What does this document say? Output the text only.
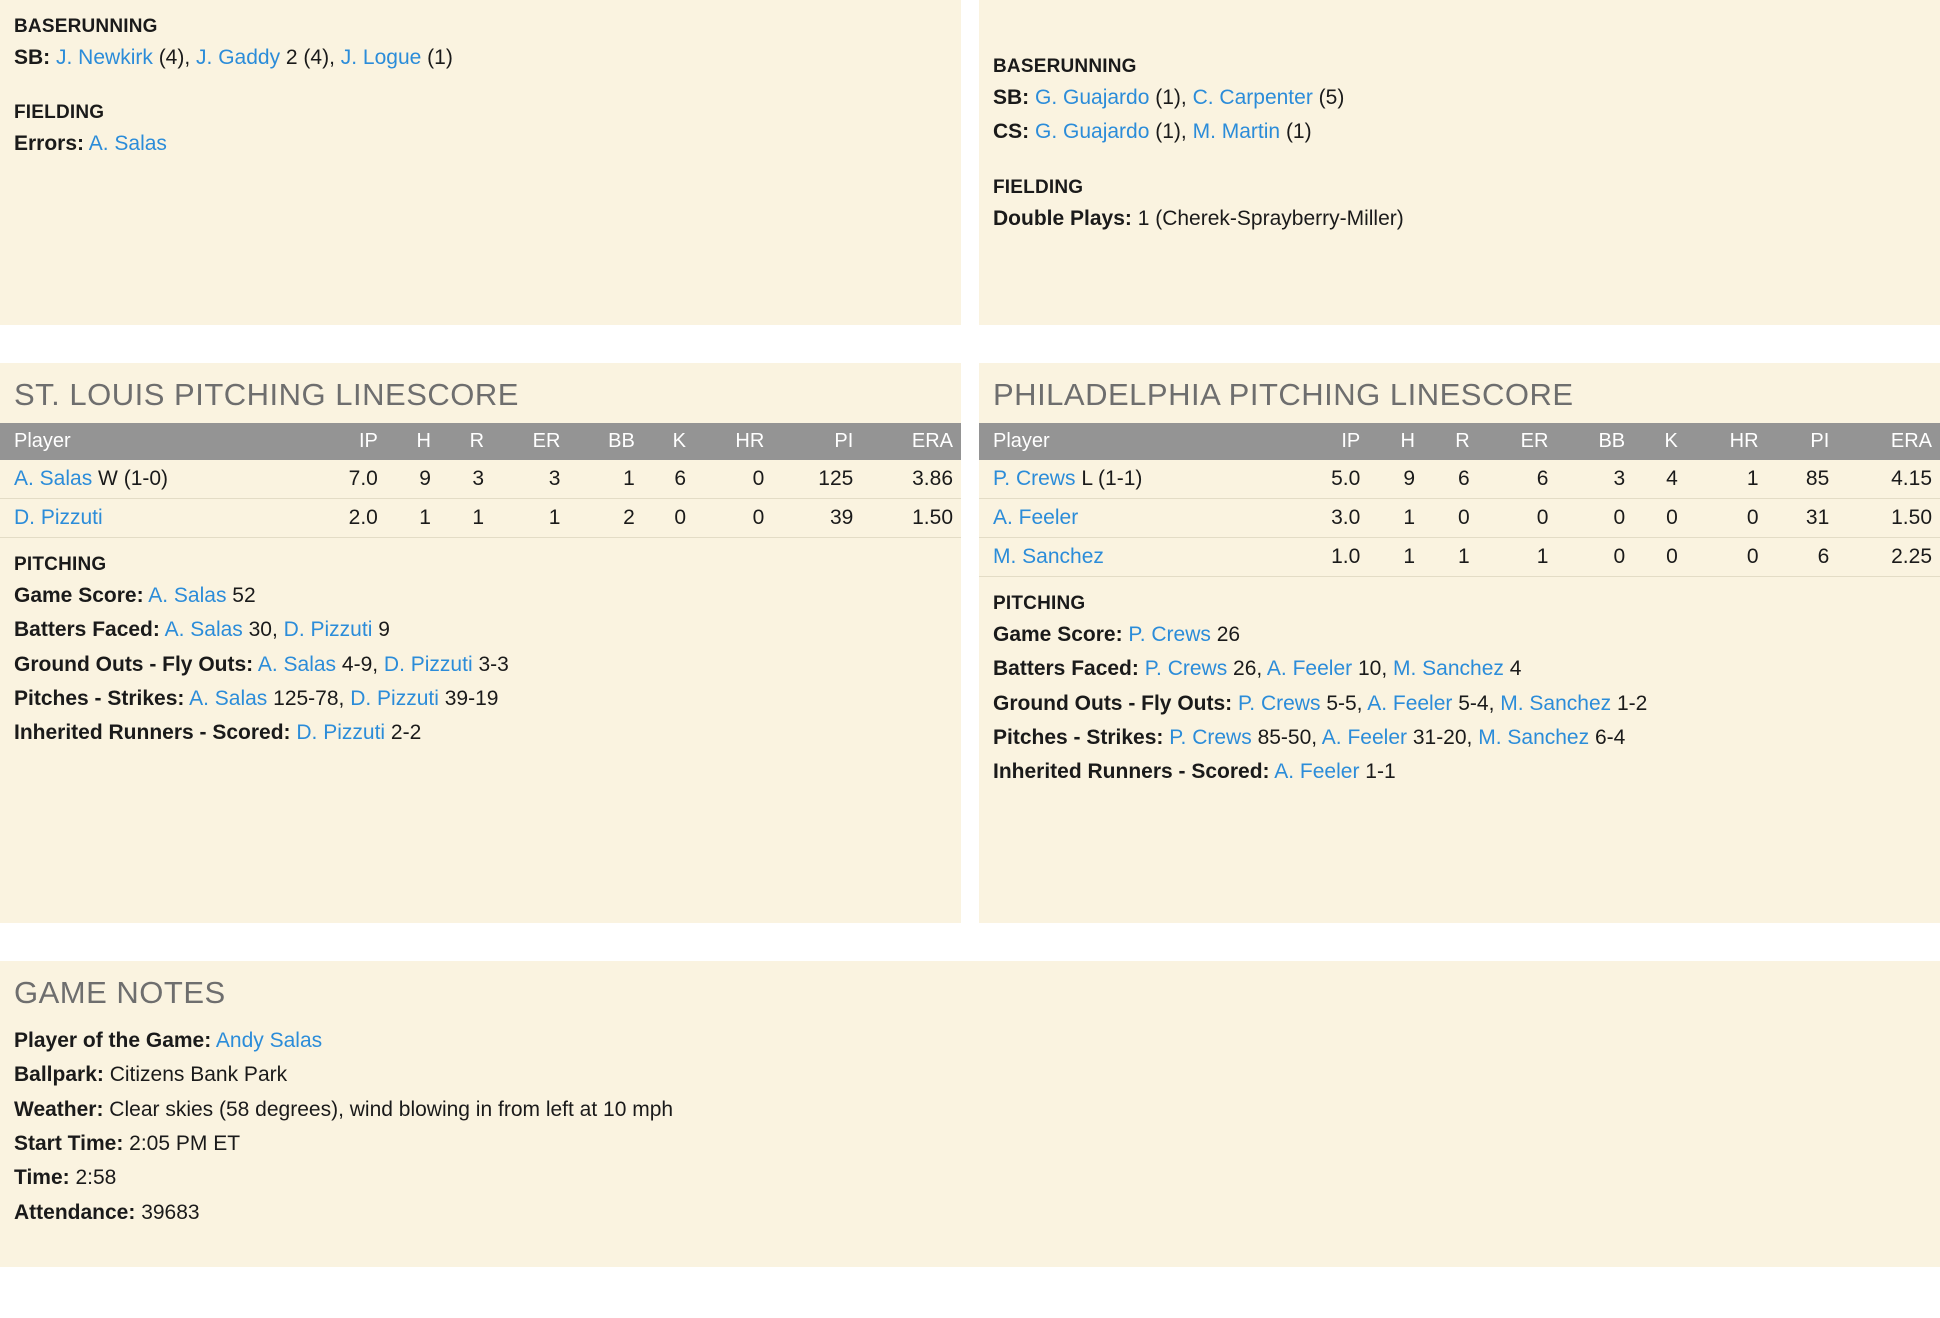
BASERUNNING
SB: J. Newkirk (4), J. Gaddy 2 (4), J. Logue (1)
FIELDING
Errors: A. Salas
BASERUNNING
SB: G. Guajardo (1), C. Carpenter (5)
CS: G. Guajardo (1), M. Martin (1)
FIELDING
Double Plays: 1 (Cherek-Sprayberry-Miller)
ST. LOUIS PITCHING LINESCORE
Player	IP	H	R	ER	BB	K	HR	PI	ERA
A. Salas W (1-0)	7.0	9	3	3	1	6	0	125	3.86
D. Pizzuti	2.0	1	1	1	2	0	0	39	1.50
PITCHING
Game Score: A. Salas 52
Batters Faced: A. Salas 30, D. Pizzuti 9
Ground Outs - Fly Outs: A. Salas 4-9, D. Pizzuti 3-3
Pitches - Strikes: A. Salas 125-78, D. Pizzuti 39-19
Inherited Runners - Scored: D. Pizzuti 2-2
PHILADELPHIA PITCHING LINESCORE
Player	IP	H	R	ER	BB	K	HR	PI	ERA
P. Crews L (1-1)	5.0	9	6	6	3	4	1	85	4.15
A. Feeler	3.0	1	0	0	0	0	0	31	1.50
M. Sanchez	1.0	1	1	1	0	0	0	6	2.25
PITCHING
Game Score: P. Crews 26
Batters Faced: P. Crews 26, A. Feeler 10, M. Sanchez 4
Ground Outs - Fly Outs: P. Crews 5-5, A. Feeler 5-4, M. Sanchez 1-2
Pitches - Strikes: P. Crews 85-50, A. Feeler 31-20, M. Sanchez 6-4
Inherited Runners - Scored: A. Feeler 1-1
GAME NOTES
Player of the Game: Andy Salas
Ballpark: Citizens Bank Park
Weather: Clear skies (58 degrees), wind blowing in from left at 10 mph
Start Time: 2:05 PM ET
Time: 2:58
Attendance: 39683
